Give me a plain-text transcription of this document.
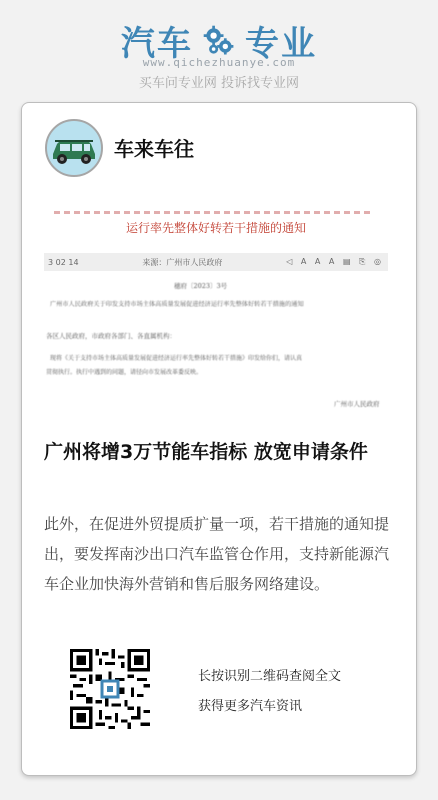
汽车 专业
www.qichezhuanye.com
买车问专业网 投诉找专业网
车来车往
运行率先整体好转若干措施的通知
3 02 14	来源：广州市人民政府	◁ A A A ▤ ⎘ ◎
穗府〔2023〕3号
广州市人民政府关于印发支持市场主体高质量发展促进经济运行率先整体好转若干措施的通知
各区人民政府，市政府各部门、各直属机构：
现将《关于支持市场主体高质量发展促进经济运行率先整体好转若干措施》印发给你们，请认真
贯彻执行。执行中遇到的问题，请径向市发展改革委反映。
广州市人民政府
广州将增3万节能车指标 放宽申请条件
此外，在促进外贸提质扩量一项，若干措施的通知提出，要发挥南沙出口汽车监管仓作用，支持新能源汽车企业加快海外营销和售后服务网络建设。
长按识别二维码查阅全文
获得更多汽车资讯
